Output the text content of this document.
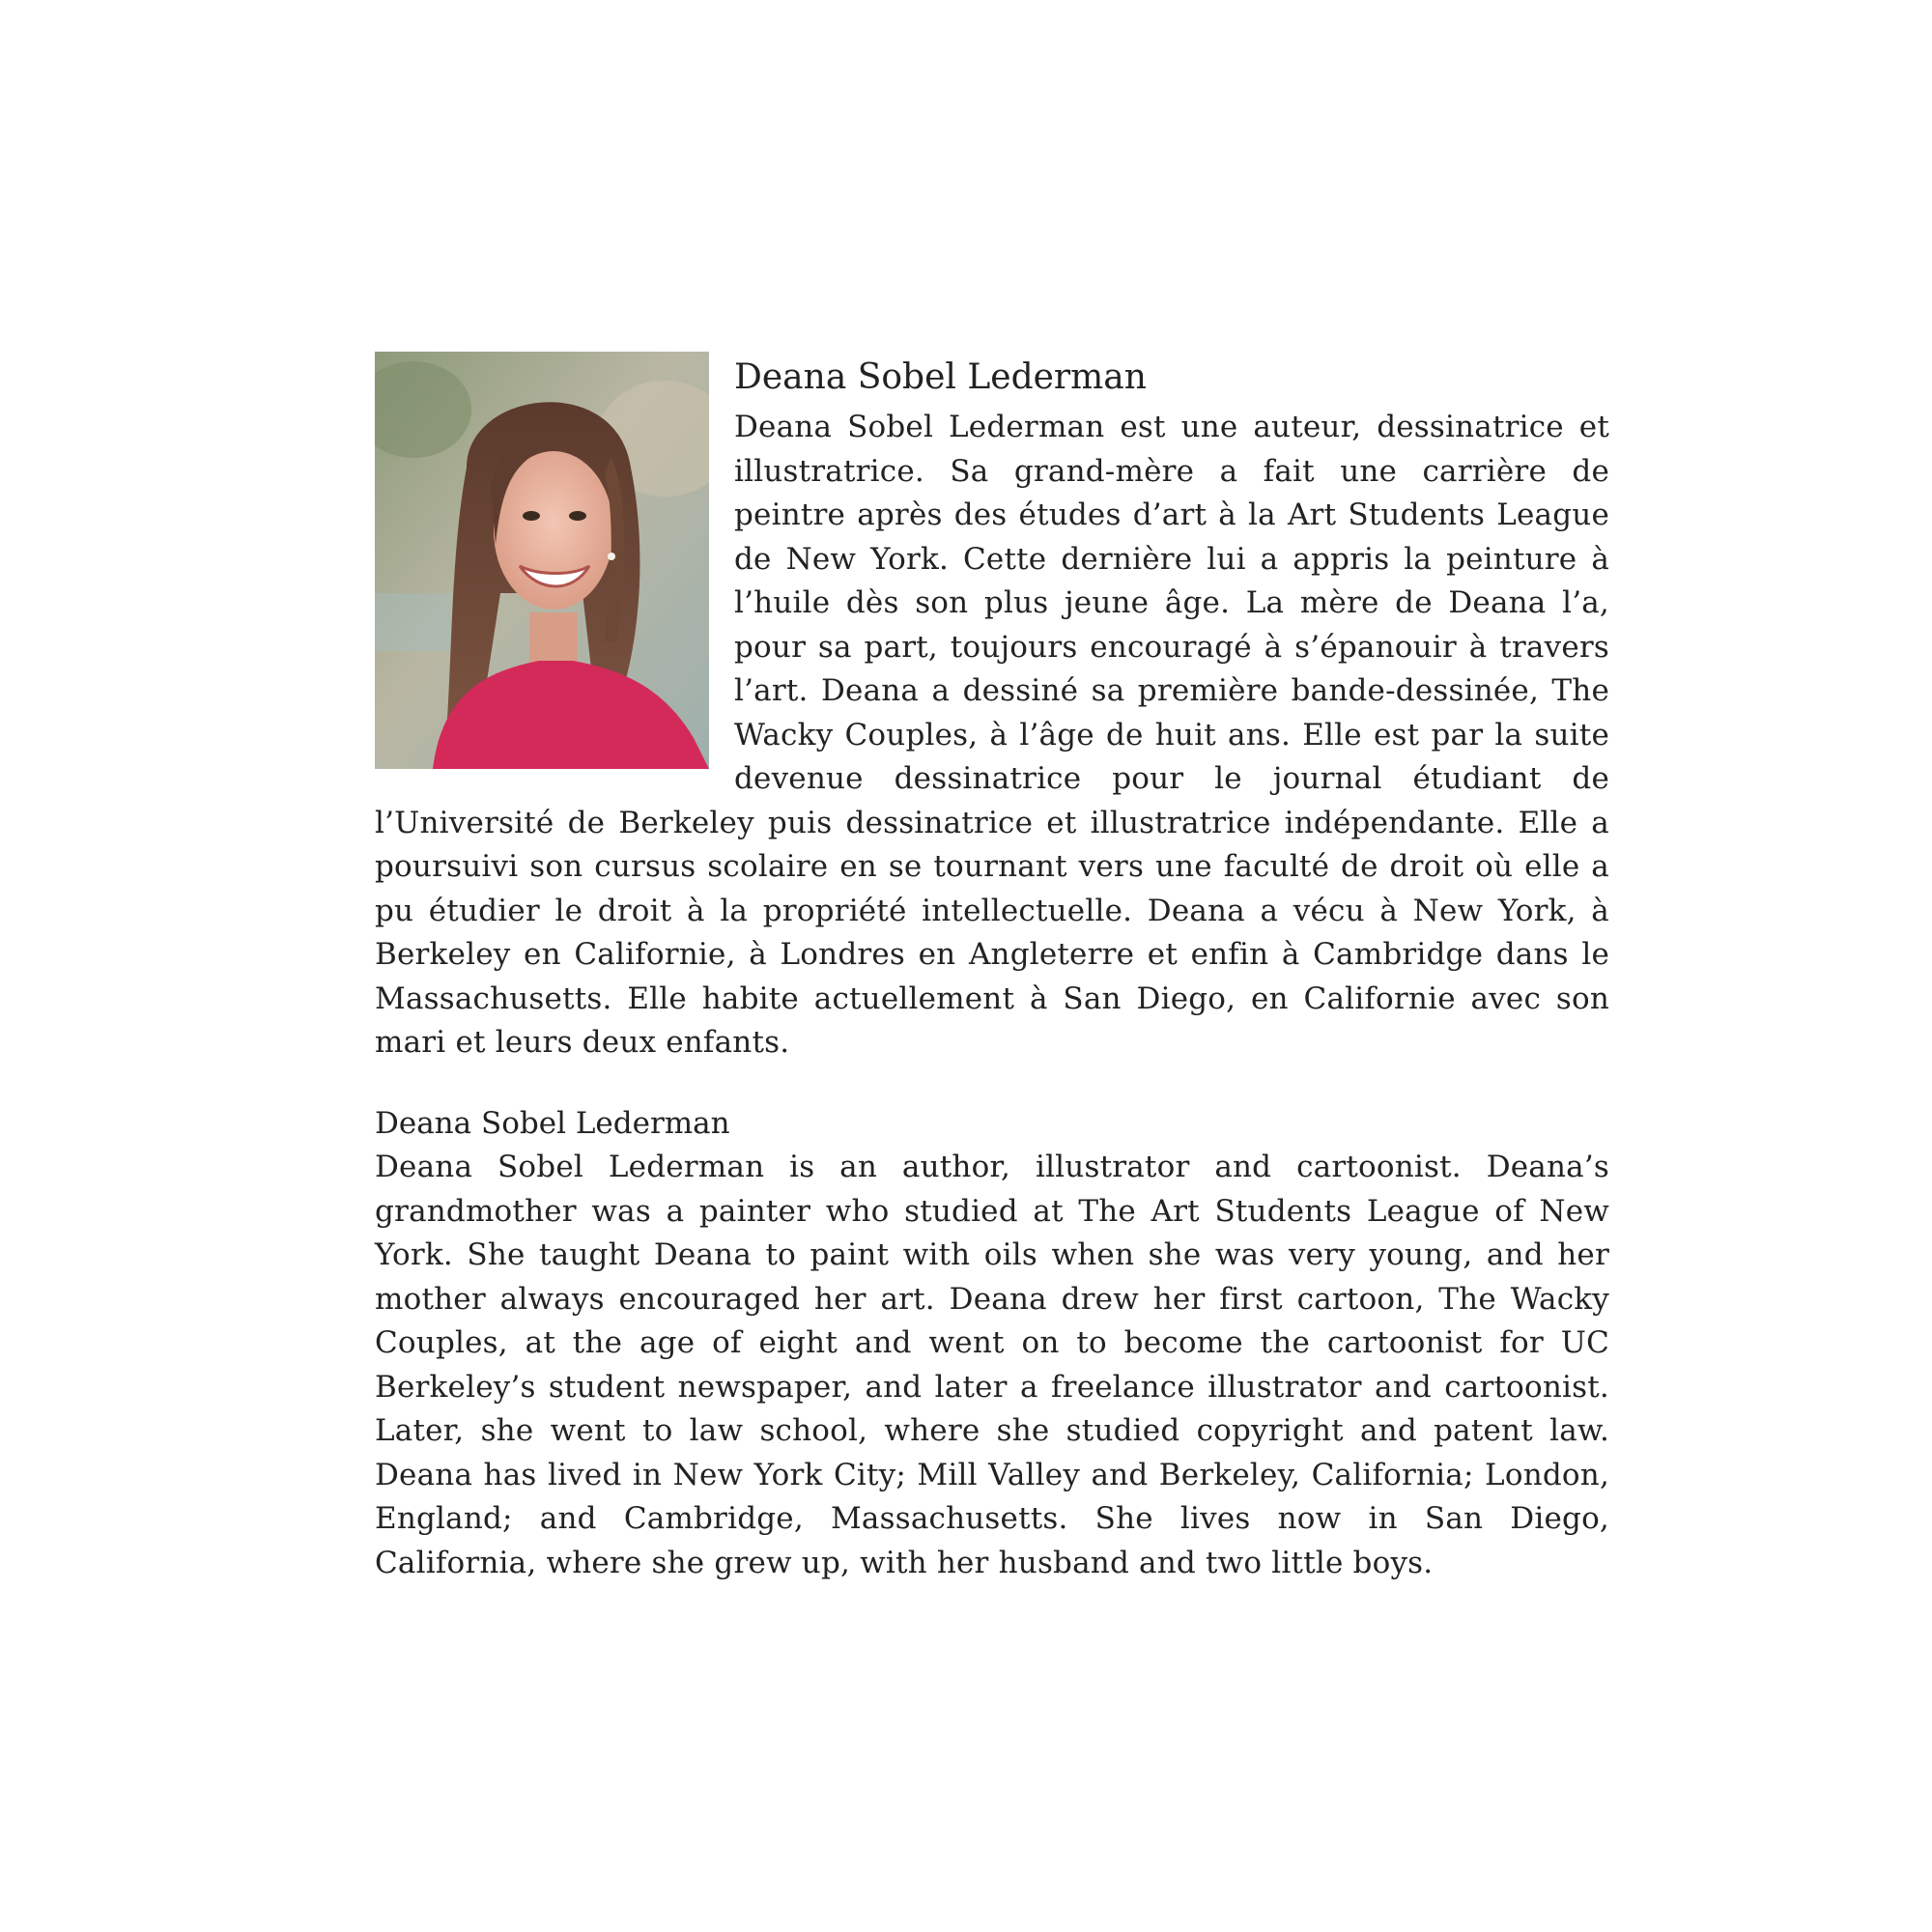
Deana Sobel Lederman

Deana Sobel Lederman est une auteur, dessinatrice et illustratrice. Sa grand-mère a fait une carrière de peintre après des études d’art à la Art Students League de New York. Cette dernière lui a appris la peinture à l’huile dès son plus jeune âge. La mère de Deana l’a, pour sa part, toujours encouragé à s’épanouir à travers l’art. Deana a dessiné sa première bande-dessinée, The Wacky Couples, à l’âge de huit ans. Elle est par la suite devenue dessinatrice pour le journal étudiant de l’Université de Berkeley puis dessinatrice et illustratrice indépendante. Elle a poursuivi son cursus scolaire en se tournant vers une faculté de droit où elle a pu étudier le droit à la propriété intellectuelle. Deana a vécu à New York, à Berkeley en Californie, à Londres en Angleterre et enfin à Cambridge dans le Massachusetts. Elle habite actuellement à San Diego, en Californie avec son mari et leurs deux enfants.

Deana Sobel Lederman

Deana Sobel Lederman is an author, illustrator and cartoonist. Deana’s grandmother was a painter who studied at The Art Students League of New York. She taught Deana to paint with oils when she was very young, and her mother always encouraged her art. Deana drew her first cartoon, The Wacky Couples, at the age of eight and went on to become the cartoonist for UC Berkeley’s student newspaper, and later a freelance illustrator and cartoonist. Later, she went to law school, where she studied copyright and patent law. Deana has lived in New York City; Mill Valley and Berkeley, California; London, England; and Cambridge, Massachusetts. She lives now in San Diego, California, where she grew up, with her husband and two little boys.
